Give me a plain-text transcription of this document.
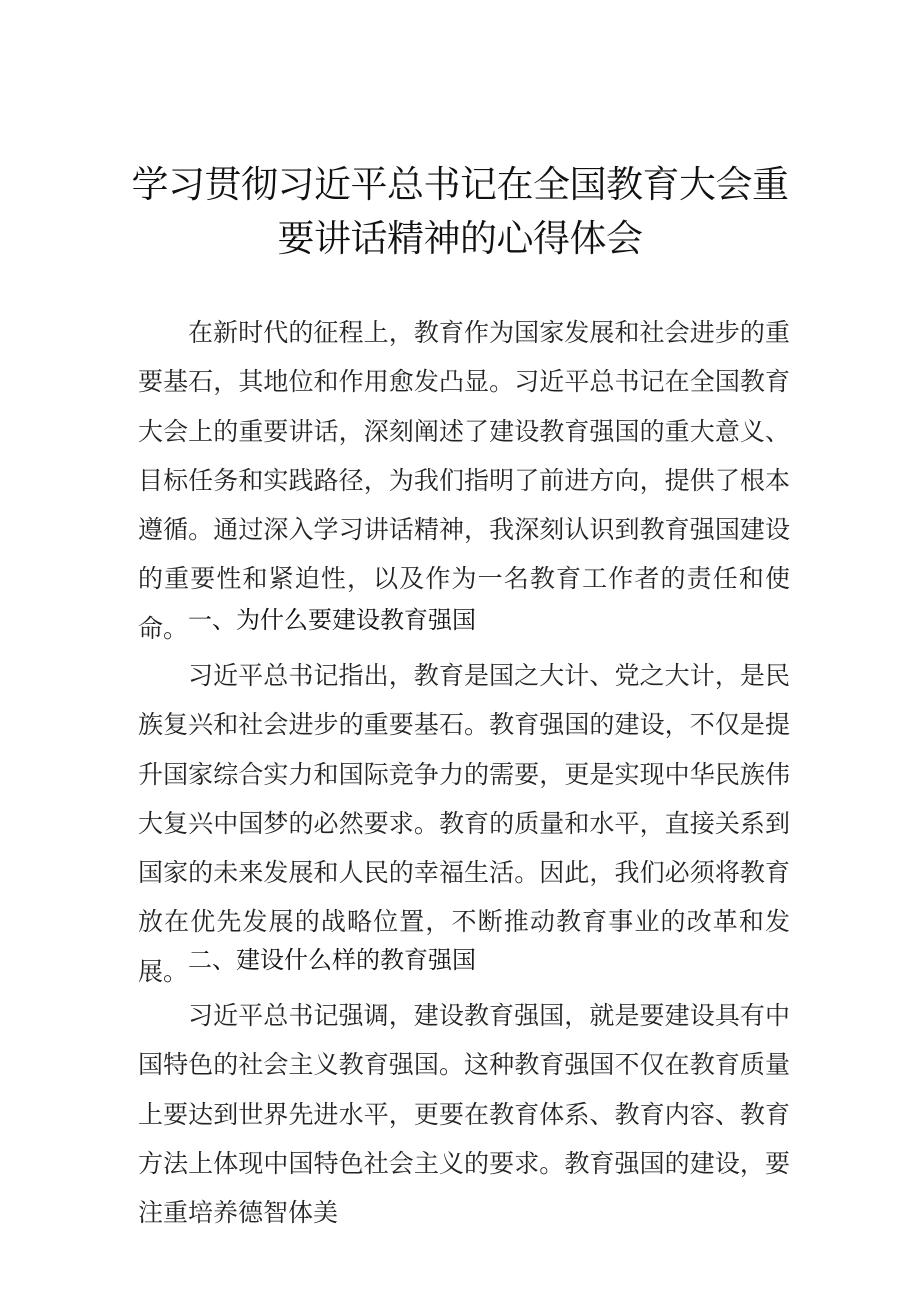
学习贯彻习近平总书记在全国教育大会重
要讲话精神的心得体会

在新时代的征程上，教育作为国家发展和社会进步的重要基石，其地位和作用愈发凸显。习近平总书记在全国教育大会上的重要讲话，深刻阐述了建设教育强国的重大意义、目标任务和实践路径，为我们指明了前进方向，提供了根本遵循。通过深入学习讲话精神，我深刻认识到教育强国建设的重要性和紧迫性，以及作为一名教育工作者的责任和使命。 一、为什么要建设教育强国

习近平总书记指出，教育是国之大计、党之大计，是民族复兴和社会进步的重要基石。教育强国的建设，不仅是提升国家综合实力和国际竞争力的需要，更是实现中华民族伟大复兴中国梦的必然要求。教育的质量和水平，直接关系到国家的未来发展和人民的幸福生活。因此，我们必须将教育放在优先发展的战略位置，不断推动教育事业的改革和发展。 二、建设什么样的教育强国

习近平总书记强调，建设教育强国，就是要建设具有中国特色的社会主义教育强国。这种教育强国不仅在教育质量上要达到世界先进水平，更要在教育体系、教育内容、教育方法上体现中国特色社会主义的要求。教育强国的建设，要注重培养德智体美
